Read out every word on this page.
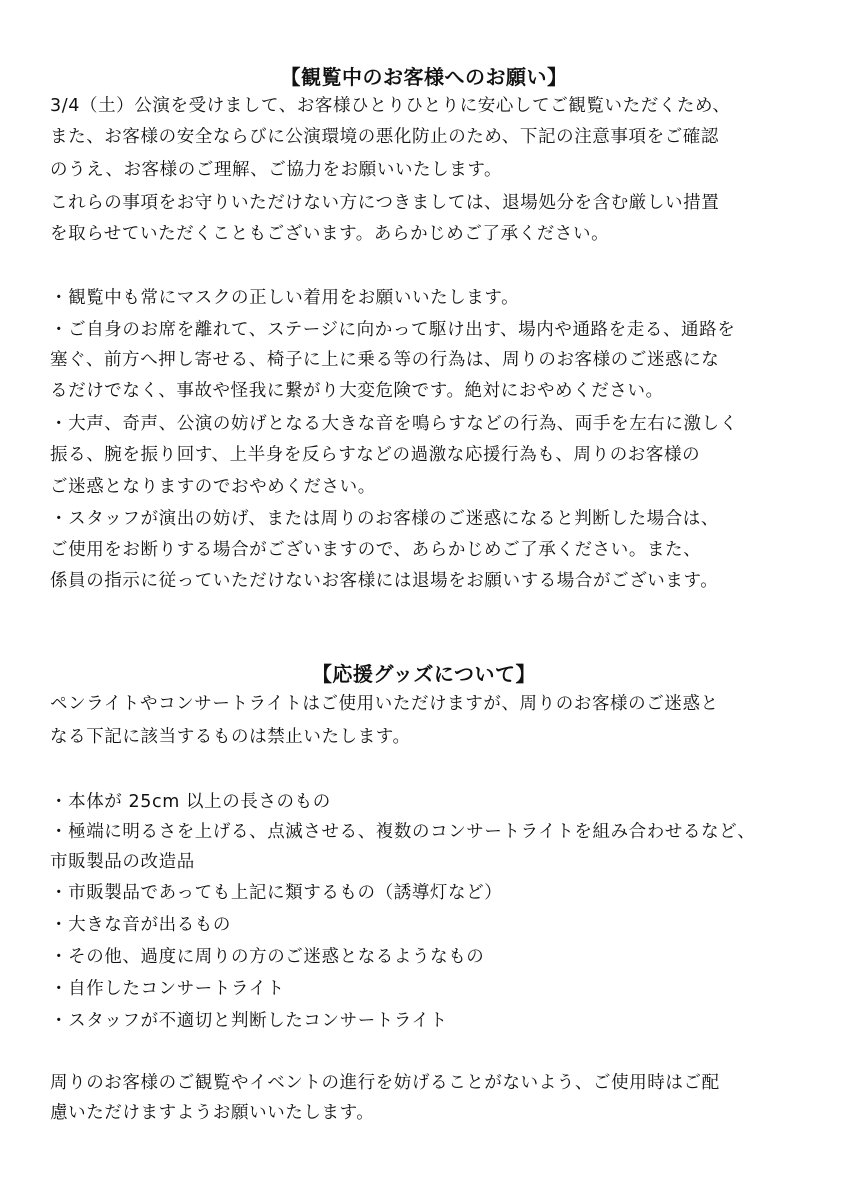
【観覧中のお客様へのお願い】
3/4（土）公演を受けまして、お客様ひとりひとりに安心してご観覧いただくため、
また、お客様の安全ならびに公演環境の悪化防止のため、下記の注意事項をご確認
のうえ、お客様のご理解、ご協力をお願いいたします。
これらの事項をお守りいただけない方につきましては、退場処分を含む厳しい措置
を取らせていただくこともございます。あらかじめご了承ください。
・観覧中も常にマスクの正しい着用をお願いいたします。
・ご自身のお席を離れて、ステージに向かって駆け出す、場内や通路を走る、通路を
塞ぐ、前方へ押し寄せる、椅子に上に乗る等の行為は、周りのお客様のご迷惑にな
るだけでなく、事故や怪我に繋がり大変危険です。絶対におやめください。
・大声、奇声、公演の妨げとなる大きな音を鳴らすなどの行為、両手を左右に激しく
振る、腕を振り回す、上半身を反らすなどの過激な応援行為も、周りのお客様の
ご迷惑となりますのでおやめください。
・スタッフが演出の妨げ、または周りのお客様のご迷惑になると判断した場合は、
ご使用をお断りする場合がございますので、あらかじめご了承ください。また、
係員の指示に従っていただけないお客様には退場をお願いする場合がございます。
【応援グッズについて】
ペンライトやコンサートライトはご使用いただけますが、周りのお客様のご迷惑と
なる下記に該当するものは禁止いたします。
・本体が 25cm 以上の長さのもの
・極端に明るさを上げる、点滅させる、複数のコンサートライトを組み合わせるなど、
市販製品の改造品
・市販製品であっても上記に類するもの（誘導灯など）
・大きな音が出るもの
・その他、過度に周りの方のご迷惑となるようなもの
・自作したコンサートライト
・スタッフが不適切と判断したコンサートライト
周りのお客様のご観覧やイベントの進行を妨げることがないよう、ご使用時はご配
慮いただけますようお願いいたします。
